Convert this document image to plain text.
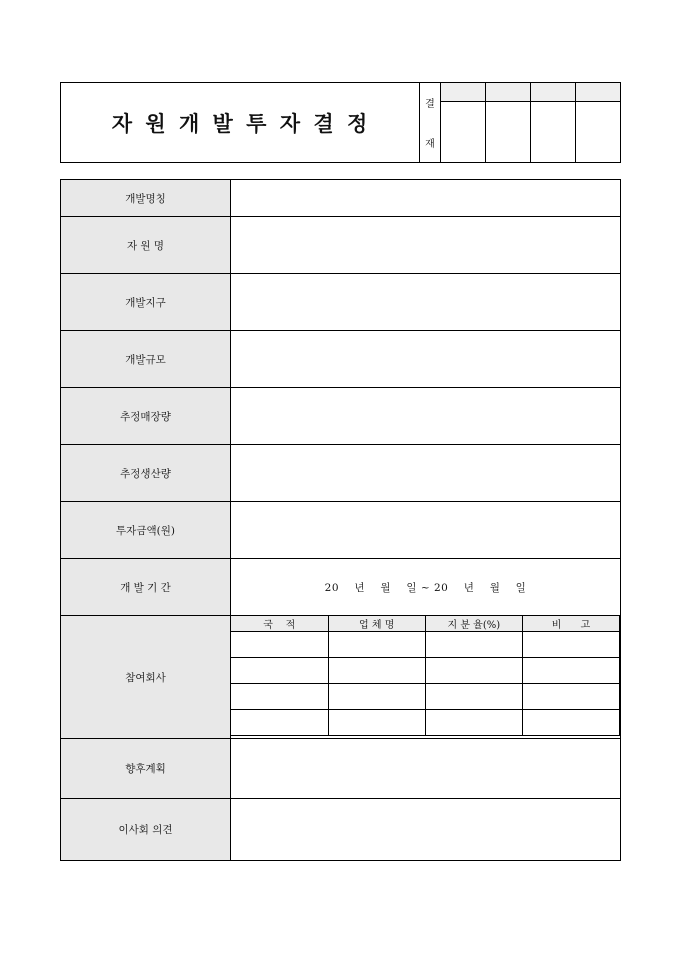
자 원 개 발 투 자 결 정
결
재
개발명칭	
자 원 명	
개발지구	
개발규모	
추정매장량	
추정생산량	
투자금액(원)	
개 발 기 간	20    년    월    일 ~ 20    년    월    일
참여회사	
국    적	업 체 명	지 분 율(%)	비      고

향후계획	
이사회 의견	
